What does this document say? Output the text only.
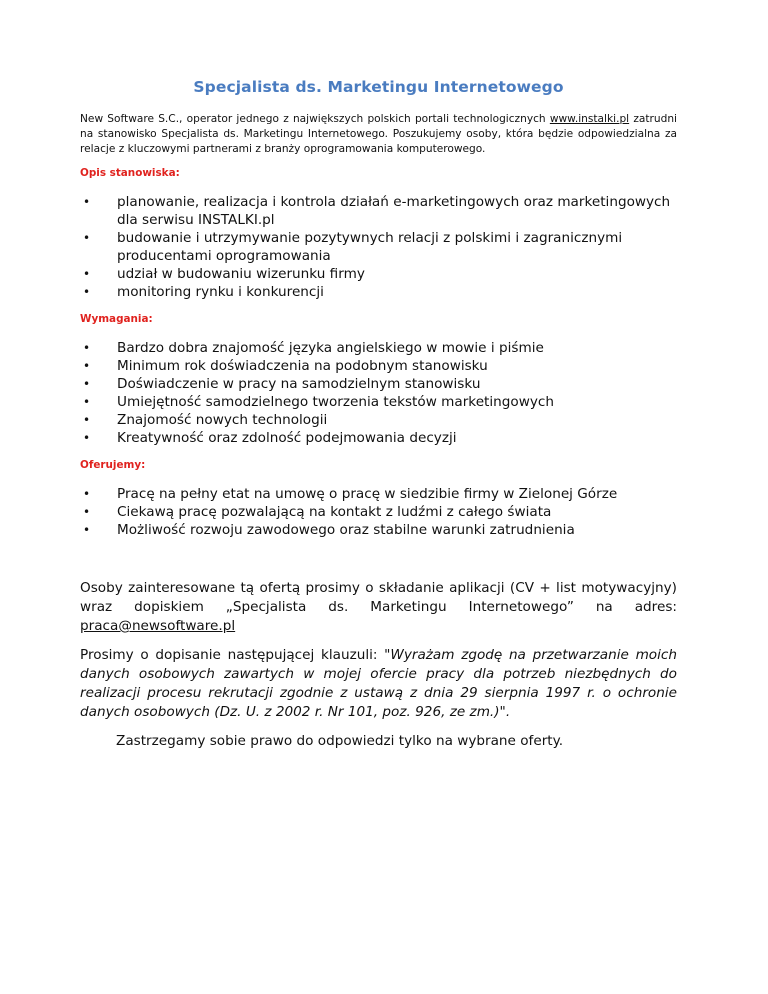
Specjalista ds. Marketingu Internetowego

New Software S.C., operator jednego z największych polskich portali technologicznych www.instalki.pl zatrudni na stanowisko Specjalista ds. Marketingu Internetowego. Poszukujemy osoby, która będzie odpowiedzialna za relacje z kluczowymi partnerami z branży oprogramowania komputerowego.

Opis stanowiska:
• planowanie, realizacja i kontrola działań e-marketingowych oraz marketingowych dla serwisu INSTALKI.pl
• budowanie i utrzymywanie pozytywnych relacji z polskimi i zagranicznymi producentami oprogramowania
• udział w budowaniu wizerunku firmy
• monitoring rynku i konkurencji
Wymagania:
• Bardzo dobra znajomość języka angielskiego w mowie i piśmie
• Minimum rok doświadczenia na podobnym stanowisku
• Doświadczenie w pracy na samodzielnym stanowisku
• Umiejętność samodzielnego tworzenia tekstów marketingowych
• Znajomość nowych technologii
• Kreatywność oraz zdolność podejmowania decyzji
Oferujemy:
• Pracę na pełny etat na umowę o pracę w siedzibie firmy w Zielonej Górze
• Ciekawą pracę pozwalającą na kontakt z ludźmi z całego świata
• Możliwość rozwoju zawodowego oraz stabilne warunki zatrudnienia

Osoby zainteresowane tą ofertą prosimy o składanie aplikacji (CV + list motywacyjny) wraz dopiskiem „Specjalista ds. Marketingu Internetowego” na adres: praca@newsoftware.pl

Prosimy o dopisanie następującej klauzuli: "Wyrażam zgodę na przetwarzanie moich danych osobowych zawartych w mojej ofercie pracy dla potrzeb niezbędnych do realizacji procesu rekrutacji zgodnie z ustawą z dnia 29 sierpnia 1997 r. o ochronie danych osobowych (Dz. U. z 2002 r. Nr 101, poz. 926, ze zm.)".

Zastrzegamy sobie prawo do odpowiedzi tylko na wybrane oferty.
